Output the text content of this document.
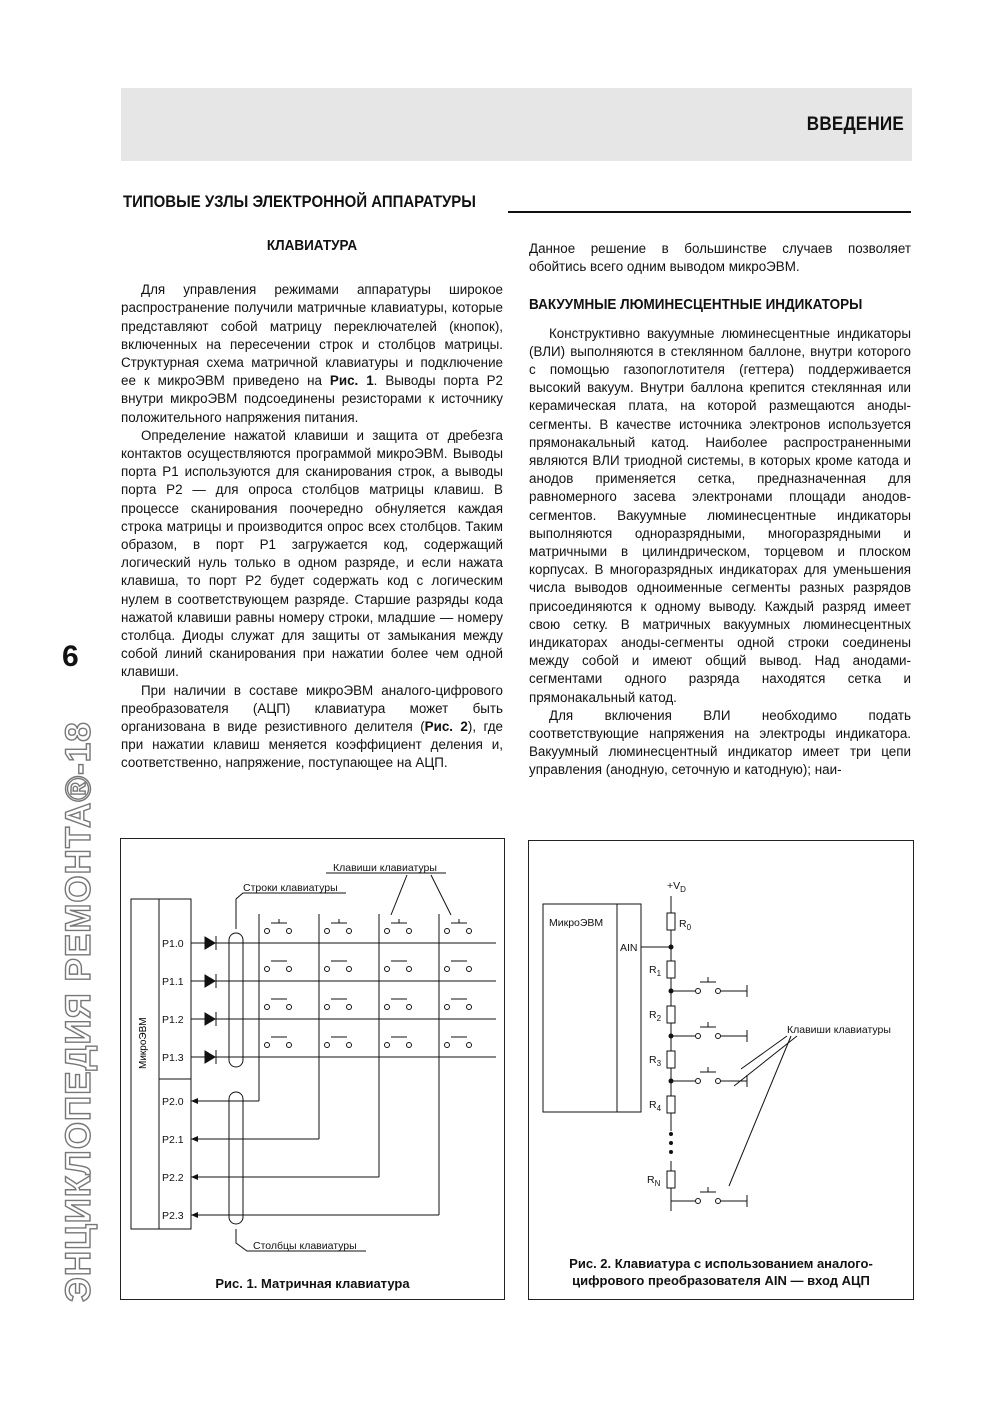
ВВЕДЕНИЕ
ТИПОВЫЕ УЗЛЫ ЭЛЕКТРОННОЙ АППАРАТУРЫ
6
ЭНЦИКЛОПЕДИЯ РЕМОНТА®-18
КЛАВИАТУРА

Для управления режимами аппаратуры широкое распространение получили матричные клавиатуры, которые представляют собой матрицу переключателей (кнопок), включенных на пересечении строк и столбцов матрицы. Структурная схема матричной клавиатуры и подключение ее к микроЭВМ приведено на Рис. 1. Выводы порта P2 внутри микроЭВМ подсоединены резисторами к источнику положительного напряжения питания.

Определение нажатой клавиши и защита от дребезга контактов осуществляются программой микроЭВМ. Выводы порта P1 используются для сканирования строк, а выводы порта P2 — для опроса столбцов матрицы клавиш. В процессе сканирования поочередно обнуляется каждая строка матрицы и производится опрос всех столбцов. Таким образом, в порт P1 загружается код, содержащий логический нуль только в одном разряде, и если нажата клавиша, то порт P2 будет содержать код с логическим нулем в соответствующем разряде. Старшие разряды кода нажатой клавиши равны номеру строки, младшие — номеру столбца. Диоды служат для защиты от замыкания между собой линий сканирования при нажатии более чем одной клавиши.

При наличии в составе микроЭВМ аналого-цифрового преобразователя (АЦП) клавиатура может быть организована в виде резистивного делителя (Рис. 2), где при нажатии клавиш меняется коэффициент деления и, соответственно, напряжение, поступающее на АЦП.

Данное решение в большинстве случаев позволяет обойтись всего одним выводом микроЭВМ.

ВАКУУМНЫЕ ЛЮМИНЕСЦЕНТНЫЕ ИНДИКАТОРЫ

Конструктивно вакуумные люминесцентные индикаторы (ВЛИ) выполняются в стеклянном баллоне, внутри которого с помощью газопоглотителя (геттера) поддерживается высокий вакуум. Внутри баллона крепится стеклянная или керамическая плата, на которой размещаются аноды-сегменты. В качестве источника электронов используется прямонакальный катод. Наиболее распространенными являются ВЛИ триодной системы, в которых кроме катода и анодов применяется сетка, предназначенная для равномерного засева электронами площади анодов-сегментов. Вакуумные люминесцентные индикаторы выполняются одноразрядными, многоразрядными и матричными в цилиндрическом, торцевом и плоском корпусах. В многоразрядных индикаторах для уменьшения числа выводов одноименные сегменты разных разрядов присоединяются к одному выводу. Каждый разряд имеет свою сетку. В матричных вакуумных люминесцентных индикаторах аноды-сегменты одной строки соединены между собой и имеют общий вывод. Над анодами-сегментами одного разряда находятся сетка и прямонакальный катод.

Для включения ВЛИ необходимо подать соответствующие напряжения на электроды индикатора. Вакуумный люминесцентный индикатор имеет три цепи управления (анодную, сеточную и катодную); наи-

МикроЭВМ
P1.0
P1.1
P1.2
P1.3
P2.0
P2.1
P2.2
P2.3
Клавиши клавиатуры
Строки клавиатуры
Столбцы клавиатуры
Рис. 1. Матричная клавиатура
МикроЭВМ
AIN
$+V_D$
$R_0$
$R_1$
$R_2$
$R_3$
$R_4$
$R_N$
Клавиши клавиатуры
Рис. 2. Клавиатура с использованием аналого-
цифрового преобразователя AIN — вход АЦП
